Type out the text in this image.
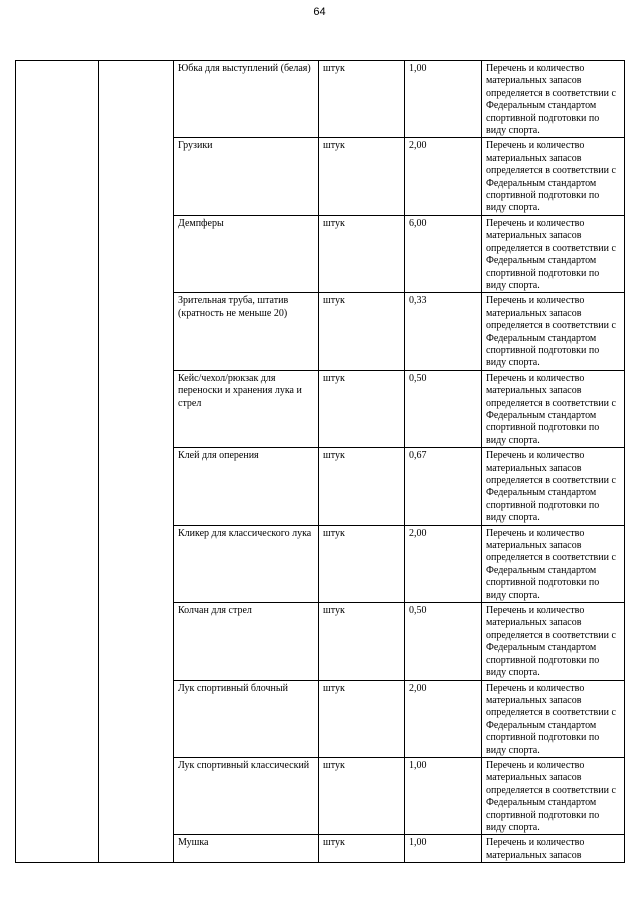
64
		Юбка для выступлений (белая)	штук	1,00	Перечень и количество материальных запасов определяется в соответствии с Федеральным стандартом спортивной подготовки по виду спорта.
		Грузики	штук	2,00	Перечень и количество материальных запасов определяется в соответствии с Федеральным стандартом спортивной подготовки по виду спорта.
		Демпферы	штук	6,00	Перечень и количество материальных запасов определяется в соответствии с Федеральным стандартом спортивной подготовки по виду спорта.
		Зрительная труба, штатив (кратность не меньше 20)	штук	0,33	Перечень и количество материальных запасов определяется в соответствии с Федеральным стандартом спортивной подготовки по виду спорта.
		Кейс/чехол/рюкзак для переноски и хранения лука и стрел	штук	0,50	Перечень и количество материальных запасов определяется в соответствии с Федеральным стандартом спортивной подготовки по виду спорта.
		Клей для оперения	штук	0,67	Перечень и количество материальных запасов определяется в соответствии с Федеральным стандартом спортивной подготовки по виду спорта.
		Кликер для классического лука	штук	2,00	Перечень и количество материальных запасов определяется в соответствии с Федеральным стандартом спортивной подготовки по виду спорта.
		Колчан для стрел	штук	0,50	Перечень и количество материальных запасов определяется в соответствии с Федеральным стандартом спортивной подготовки по виду спорта.
		Лук спортивный блочный	штук	2,00	Перечень и количество материальных запасов определяется в соответствии с Федеральным стандартом спортивной подготовки по виду спорта.
		Лук спортивный классический	штук	1,00	Перечень и количество материальных запасов определяется в соответствии с Федеральным стандартом спортивной подготовки по виду спорта.
		Мушка	штук	1,00	Перечень и количество материальных запасов
